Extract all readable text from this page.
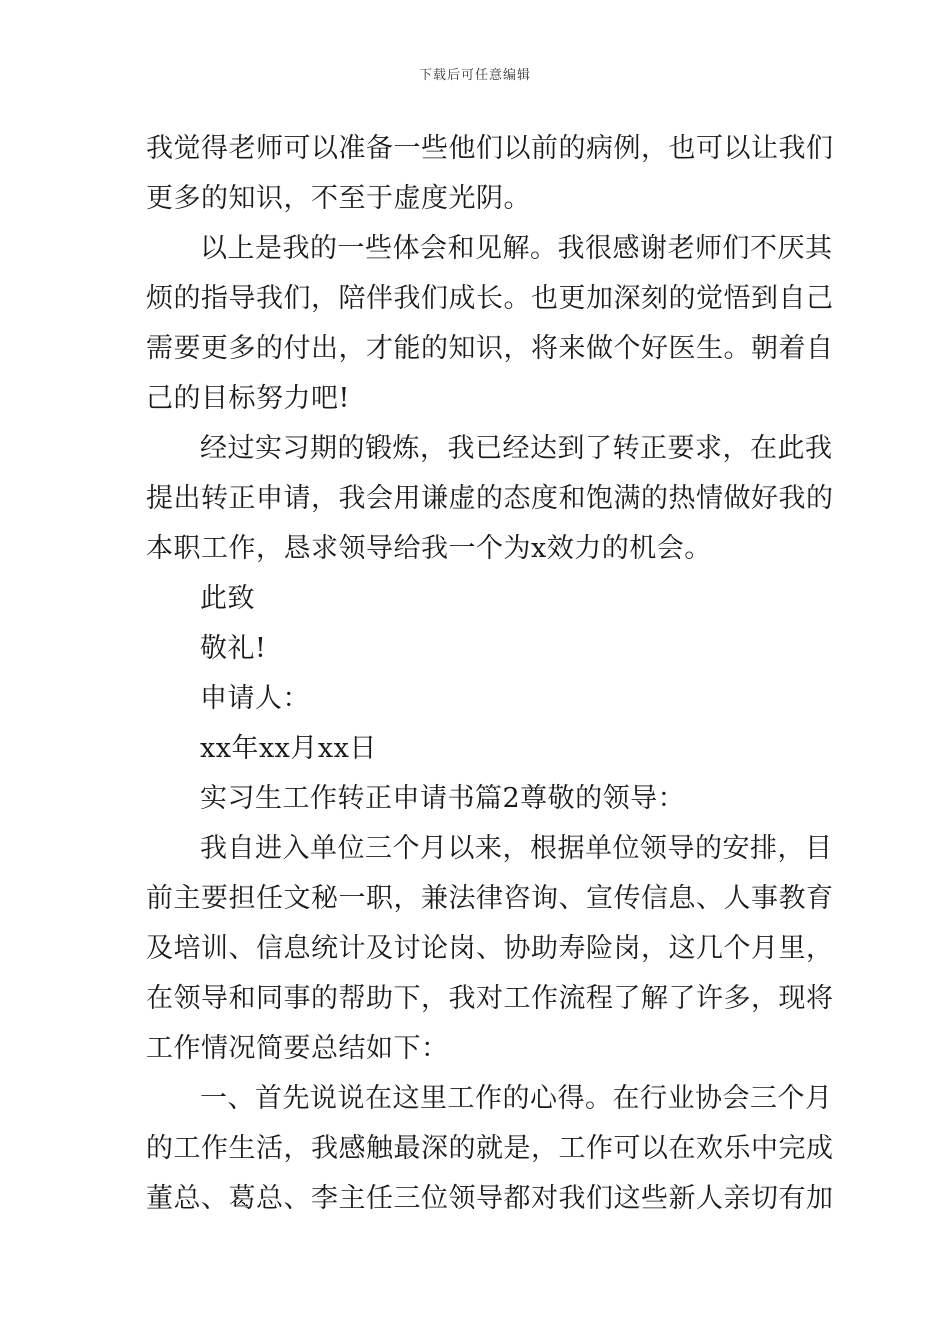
下载后可任意编辑
我觉得老师可以准备一些他们以前的病例，也可以让我们
更多的知识，不至于虚度光阴。
以上是我的一些体会和见解。我很感谢老师们不厌其
烦的指导我们，陪伴我们成长。也更加深刻的觉悟到自己
需要更多的付出，才能的知识，将来做个好医生。朝着自
己的目标努力吧!
经过实习期的锻炼，我已经达到了转正要求，在此我
提出转正申请，我会用谦虚的态度和饱满的热情做好我的
本职工作，恳求领导给我一个为x效力的机会。
此致
敬礼!
申请人：
xx年xx月xx日
实习生工作转正申请书篇2尊敬的领导：
我自进入单位三个月以来，根据单位领导的安排，目
前主要担任文秘一职，兼法律咨询、宣传信息、人事教育
及培训、信息统计及讨论岗、协助寿险岗，这几个月里，
在领导和同事的帮助下，我对工作流程了解了许多，现将
工作情况简要总结如下：
一、首先说说在这里工作的心得。在行业协会三个月
的工作生活，我感触最深的就是，工作可以在欢乐中完成
董总、葛总、李主任三位领导都对我们这些新人亲切有加
